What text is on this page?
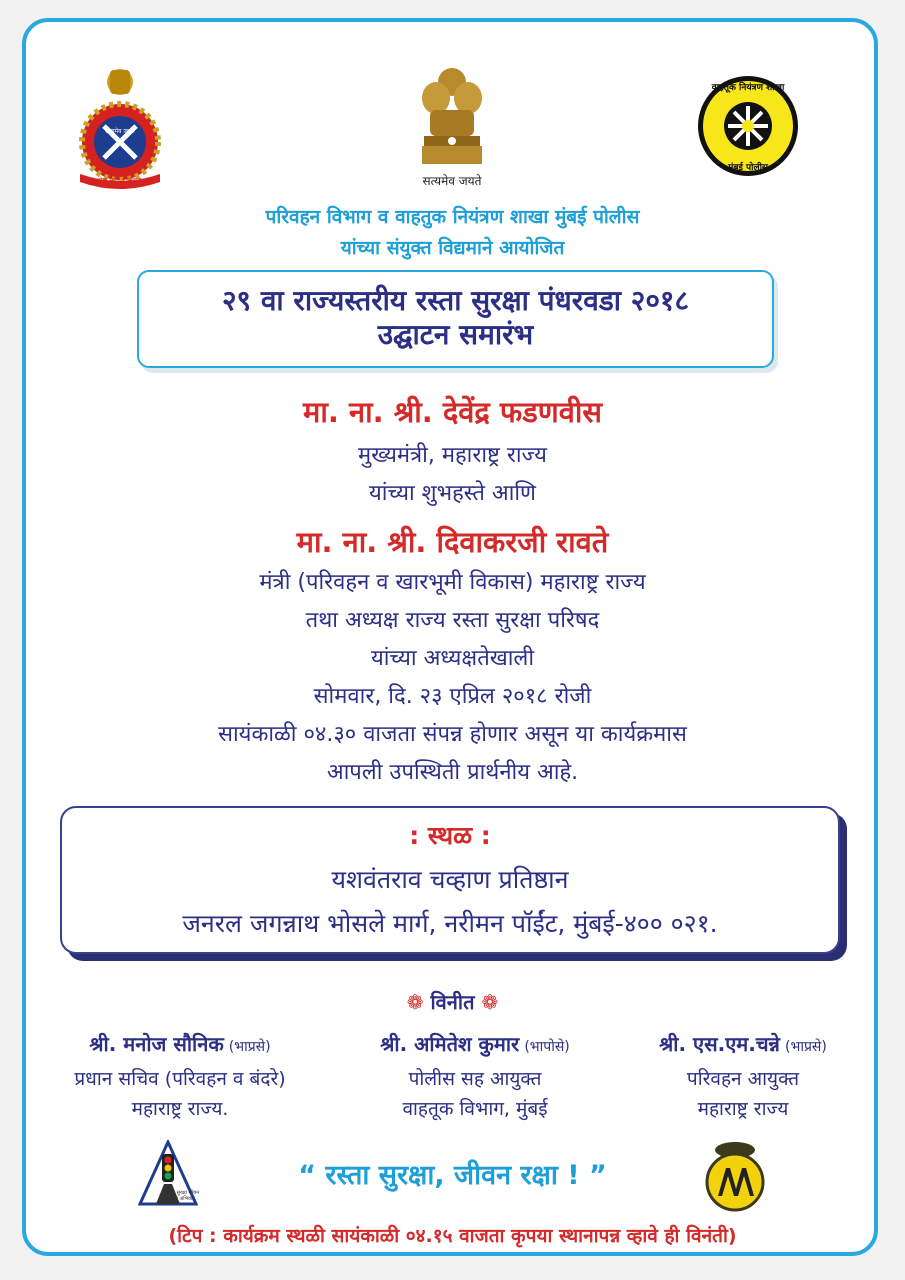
सत्यमेव जयते
सेवा सदैव ज्ञानिकता	सत्यमेव जयते
वाहतूक नियंत्रण शाखा
मुंबई पोलीस
परिवहन विभाग व वाहतुक नियंत्रण शाखा मुंबई पोलीस
यांच्या संयुक्त विद्यमाने आयोजित
२९ वा राज्यस्तरीय रस्ता सुरक्षा पंधरवडा २०१८
उद्घाटन समारंभ
मा. ना. श्री. देवेंद्र फडणवीस
मुख्यमंत्री, महाराष्ट्र राज्य
यांच्या शुभहस्ते आणि
मा. ना. श्री. दिवाकरजी रावते
मंत्री (परिवहन व खारभूमी विकास) महाराष्ट्र राज्य
तथा अध्यक्ष राज्य रस्ता सुरक्षा परिषद
यांच्या अध्यक्षतेखाली
सोमवार, दि. २३ एप्रिल २०१८ रोजी
सायंकाळी ०४.३० वाजता संपन्न होणार असून या कार्यक्रमास
आपली उपस्थिती प्रार्थनीय आहे.
: स्थळ :
यशवंतराव चव्हाण प्रतिष्ठान
जनरल जगन्नाथ भोसले मार्ग, नरीमन पॉईंट, मुंबई-४०० ०२१.
❁ विनीत ❁
श्री. मनोज सौनिक (भाप्रसे)
प्रधान सचिव (परिवहन व बंदरे)
महाराष्ट्र राज्य.
श्री. अमितेश कुमार (भापोसे)
पोलीस सह आयुक्त
वाहतूक विभाग, मुंबई
श्री. एस.एम.चन्ने (भाप्रसे)
परिवहन आयुक्त
महाराष्ट्र राज्य
रस्ता सुरक्षा जीवन रक्षा अभियान
“ रस्ता सुरक्षा, जीवन रक्षा ! ”
(टिप : कार्यक्रम स्थळी सायंकाळी ०४.१५ वाजता कृपया स्थानापन्न व्हावे ही विनंती)
